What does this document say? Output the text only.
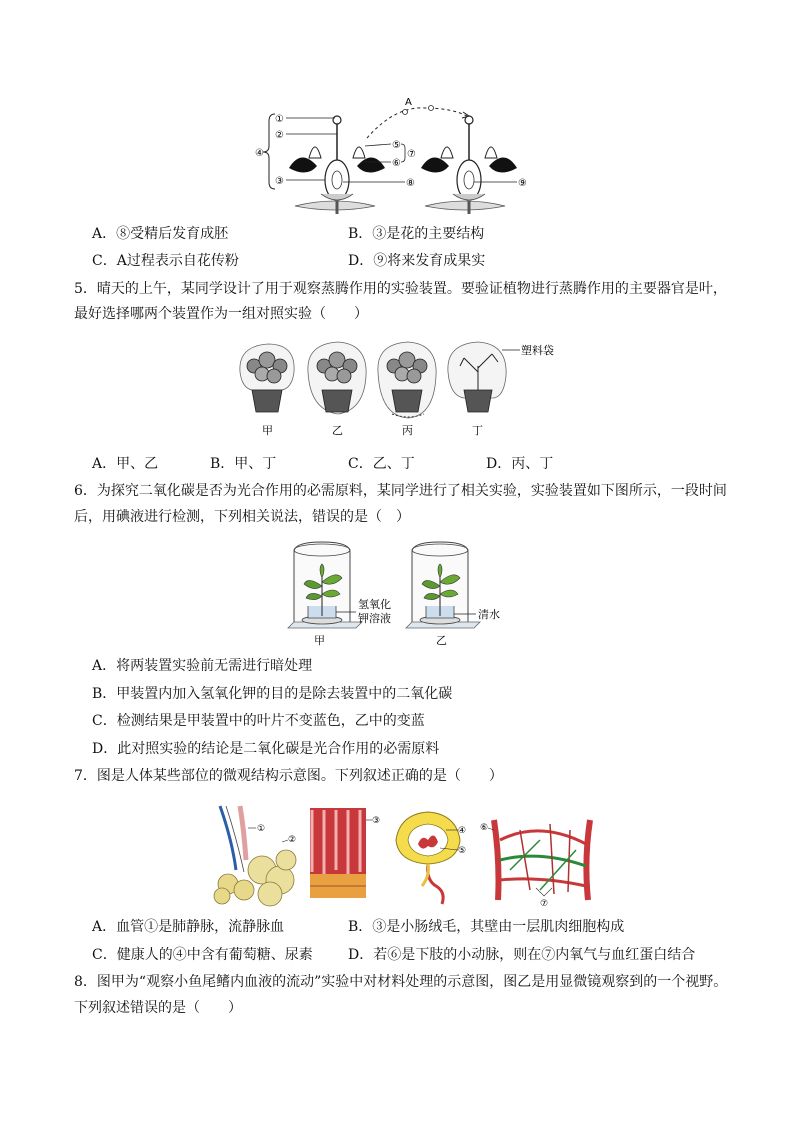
①
②
③
④
⑤
⑥
⑦
⑧	⑨
A
A．⑧受精后发育成胚	B．③是花的主要结构
C．A过程表示自花传粉	D．⑨将来发育成果实
5．晴天的上午，某同学设计了用于观察蒸腾作用的实验装置。要验证植物进行蒸腾作用的主要器官是叶，
最好选择哪两个装置作为一组对照实验（　　）
塑料袋
甲	乙	丙	丁
A．甲、乙	B．甲、丁	C．乙、丁	D．丙、丁
6．为探究二氧化碳是否为光合作用的必需原料，某同学进行了相关实验，实验装置如下图所示，一段时间
后，用碘液进行检测，下列相关说法，错误的是（　）
氢氧化
钾溶液
甲
清水
乙
A．将两装置实验前无需进行暗处理
B．甲装置内加入氢氧化钾的目的是除去装置中的二氧化碳
C．检测结果是甲装置中的叶片不变蓝色，乙中的变蓝
D．此对照实验的结论是二氧化碳是光合作用的必需原料
7．图是人体某些部位的微观结构示意图。下列叙述正确的是（　　）
①
②
③
④
⑤
⑥
⑦
A．血管①是肺静脉，流静脉血	B．③是小肠绒毛，其壁由一层肌肉细胞构成
C．健康人的④中含有葡萄糖、尿素	D．若⑥是下肢的小动脉，则在⑦内氧气与血红蛋白结合
8．图甲为“观察小鱼尾鳍内血液的流动”实验中对材料处理的示意图，图乙是用显微镜观察到的一个视野。
下列叙述错误的是（　　）
